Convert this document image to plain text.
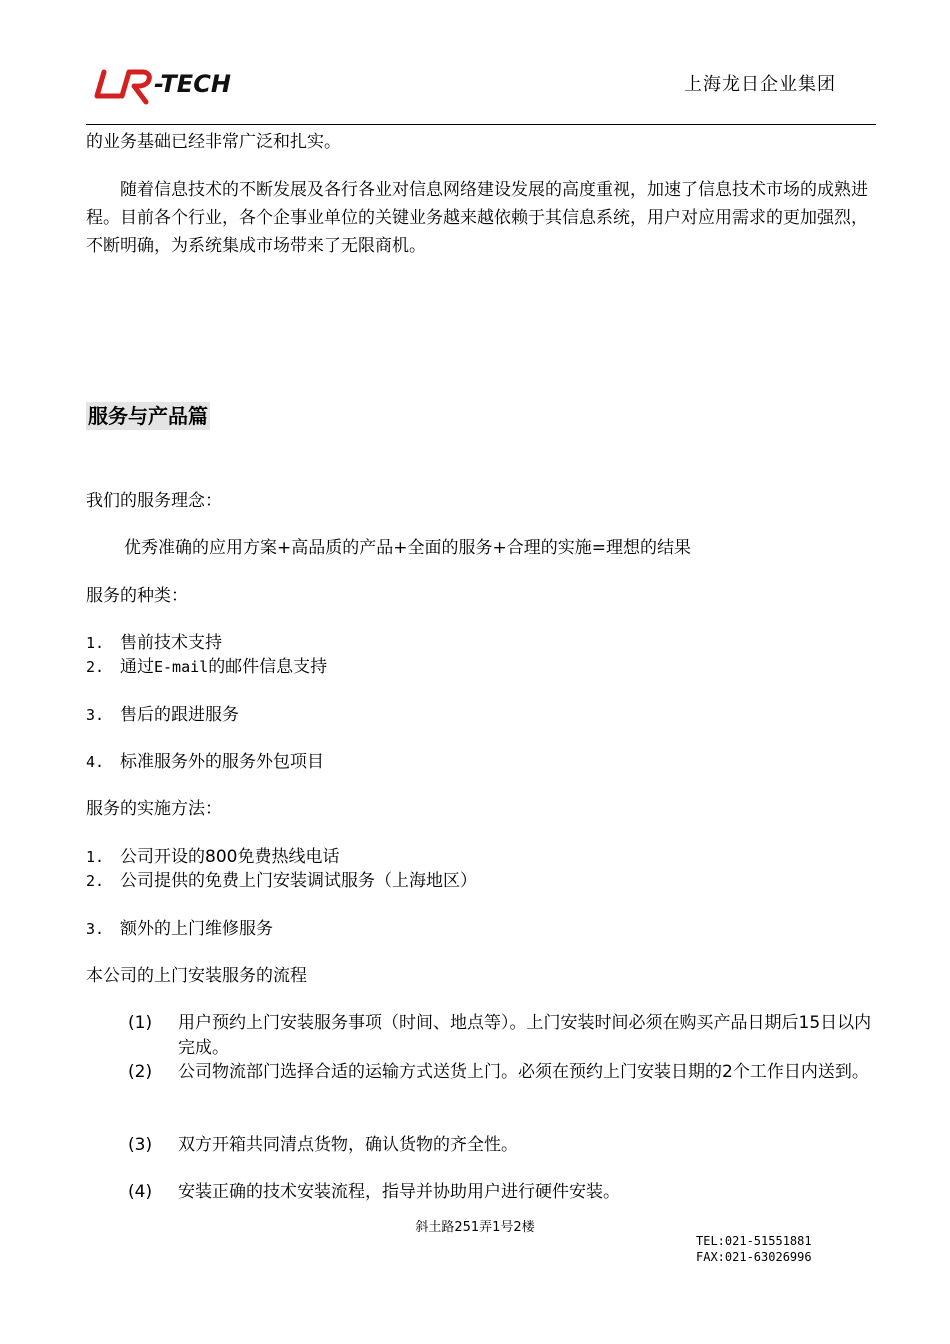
-TECH	上海龙日企业集团
的业务基础已经非常广泛和扎实。
随着信息技术的不断发展及各行各业对信息网络建设发展的高度重视，加速了信息技术市场的成熟进程。目前各个行业，各个企事业单位的关键业务越来越依赖于其信息系统，用户对应用需求的更加强烈，不断明确，为系统集成市场带来了无限商机。
服务与产品篇
我们的服务理念：
优秀准确的应用方案+高品质的产品+全面的服务+合理的实施=理想的结果
服务的种类：
1. 售前技术支持
2. 通过E-mail的邮件信息支持
3. 售后的跟进服务
4. 标准服务外的服务外包项目
服务的实施方法：
1. 公司开设的800免费热线电话
2. 公司提供的免费上门安装调试服务（上海地区）
3. 额外的上门维修服务
本公司的上门安装服务的流程
(1)	用户预约上门安装服务事项（时间、地点等）。上门安装时间必须在购买产品日期后15日以内完成。
(2)	公司物流部门选择合适的运输方式送货上门。必须在预约上门安装日期的2个工作日内送到。
(3)	双方开箱共同清点货物，确认货物的齐全性。
(4)	安装正确的技术安装流程，指导并协助用户进行硬件安装。
斜土路251弄1号2楼
TEL:021-51551881
FAX:021-63026996
